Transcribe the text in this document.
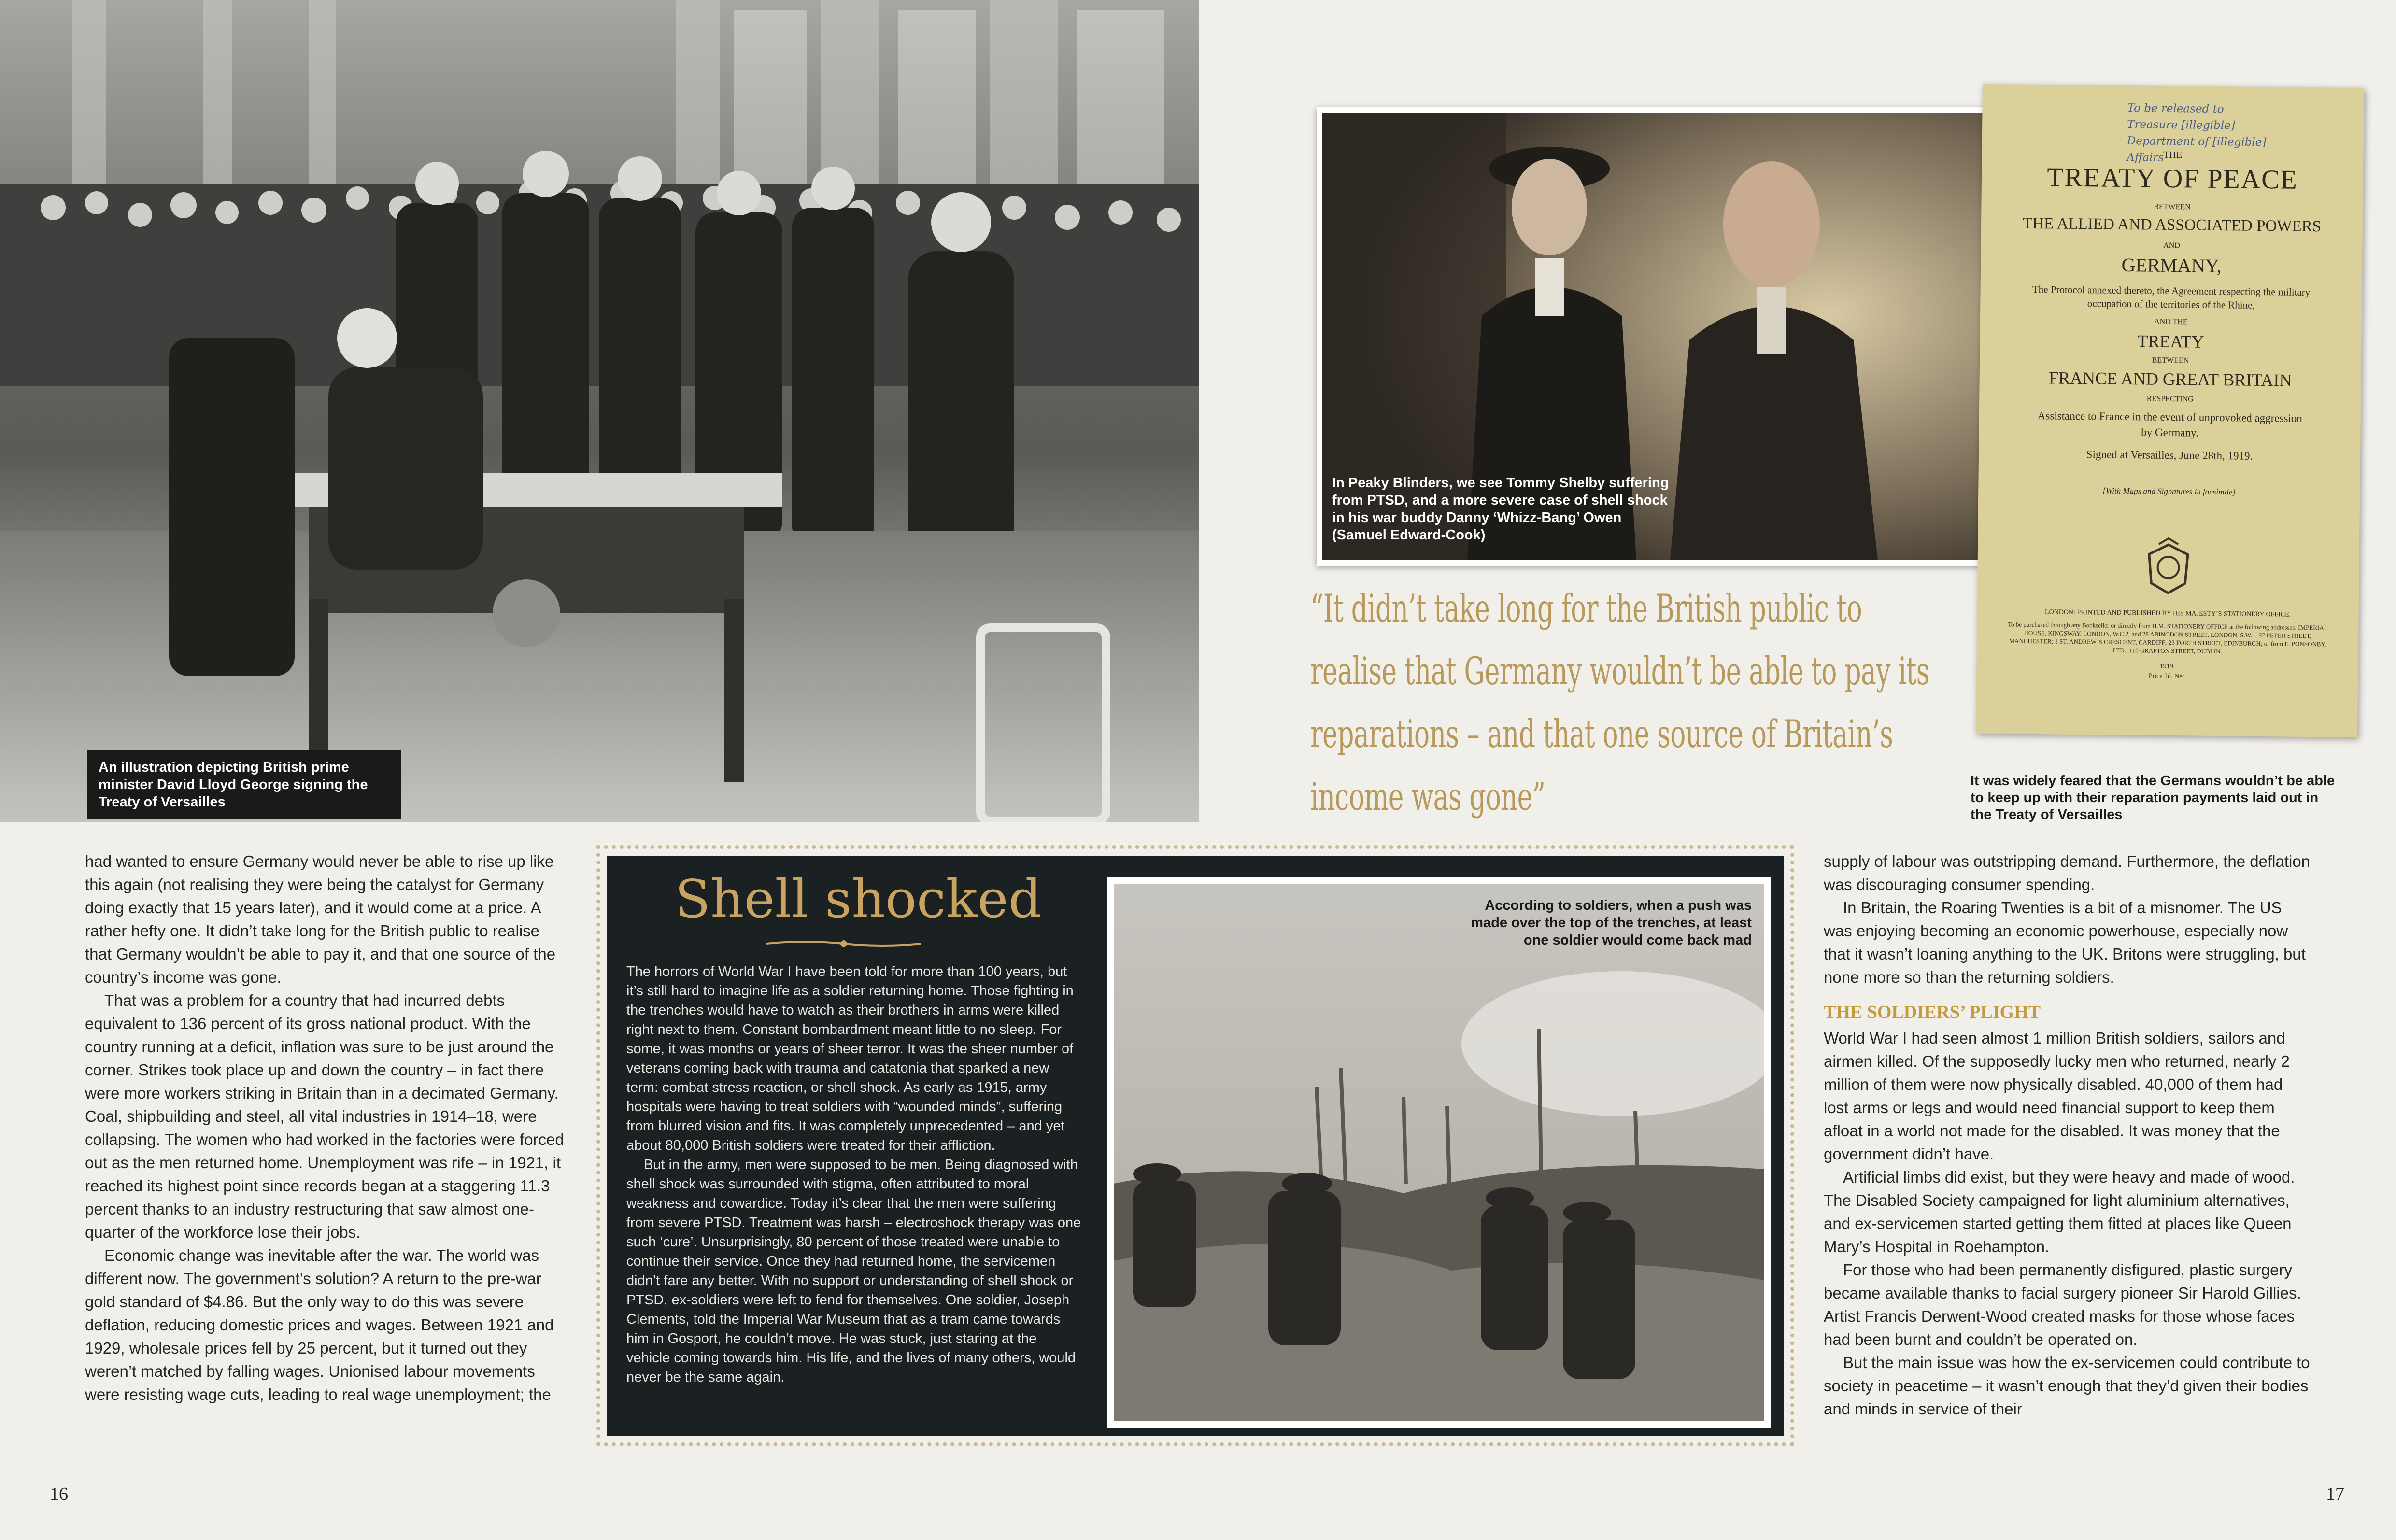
An illustration depicting British prime minister David Lloyd George signing the Treaty of Versailles
In Peaky Blinders, we see Tommy Shelby suffering from PTSD, and a more severe case of shell shock in his war buddy Danny ‘Whizz-Bang’ Owen (Samuel Edward-Cook)
To be released to
Treasure [illegible]
Department of [illegible]
Affairs
THE
TREATY OF PEACE
BETWEEN
THE ALLIED AND ASSOCIATED POWERS
AND
GERMANY,
The Protocol annexed thereto, the Agreement respecting the military occupation of the territories of the Rhine,
AND THE
TREATY
BETWEEN
FRANCE AND GREAT BRITAIN
RESPECTING
Assistance to France in the event of unprovoked aggression by Germany.
Signed at Versailles, June 28th, 1919.
[With Maps and Signatures in facsimile]
LONDON: PRINTED AND PUBLISHED BY HIS MAJESTY’S STATIONERY OFFICE.
To be purchased through any Bookseller or directly from H.M. STATIONERY OFFICE at the following addresses: IMPERIAL HOUSE, KINGSWAY, LONDON, W.C.2, and 28 ABINGDON STREET, LONDON, S.W.1; 37 PETER STREET, MANCHESTER; 1 ST. ANDREW’S CRESCENT, CARDIFF; 23 FORTH STREET, EDINBURGH; or from E. PONSONBY, LTD., 116 GRAFTON STREET, DUBLIN.
1919.
Price 2d. Net.
It was widely feared that the Germans wouldn’t be able to keep up with their reparation payments laid out in the Treaty of Versailles
“It didn’t take long for the British public to realise that Germany wouldn’t be able to pay its reparations – and that one source of Britain’s income was gone”

had wanted to ensure Germany would never be able to rise up like this again (not realising they were being the catalyst for Germany doing exactly that 15 years later), and it would come at a price. A rather hefty one. It didn’t take long for the British public to realise that Germany wouldn’t be able to pay it, and that one source of the country’s income was gone.

That was a problem for a country that had incurred debts equivalent to 136 percent of its gross national product. With the country running at a deficit, inflation was sure to be just around the corner. Strikes took place up and down the country – in fact there were more workers striking in Britain than in a decimated Germany. Coal, shipbuilding and steel, all vital industries in 1914–18, were collapsing. The women who had worked in the factories were forced out as the men returned home. Unemployment was rife – in 1921, it reached its highest point since records began at a staggering 11.3 percent thanks to an industry restructuring that saw almost one-quarter of the workforce lose their jobs.

Economic change was inevitable after the war. The world was different now. The government’s solution? A return to the pre-war gold standard of $4.86. But the only way to do this was severe deflation, reducing domestic prices and wages. Between 1921 and 1929, wholesale prices fell by 25 percent, but it turned out they weren’t matched by falling wages. Unionised labour movements were resisting wage cuts, leading to real wage unemployment; the

Shell shocked

The horrors of World War I have been told for more than 100 years, but it’s still hard to imagine life as a soldier returning home. Those fighting in the trenches would have to watch as their brothers in arms were killed right next to them. Constant bombardment meant little to no sleep. For some, it was months or years of sheer terror. It was the sheer number of veterans coming back with trauma and catatonia that sparked a new term: combat stress reaction, or shell shock. As early as 1915, army hospitals were having to treat soldiers with “wounded minds”, suffering from blurred vision and fits. It was completely unprecedented – and yet about 80,000 British soldiers were treated for their affliction.

But in the army, men were supposed to be men. Being diagnosed with shell shock was surrounded with stigma, often attributed to moral weakness and cowardice. Today it’s clear that the men were suffering from severe PTSD. Treatment was harsh – electroshock therapy was one such ‘cure’. Unsurprisingly, 80 percent of those treated were unable to continue their service. Once they had returned home, the servicemen didn’t fare any better. With no support or understanding of shell shock or PTSD, ex-soldiers were left to fend for themselves. One soldier, Joseph Clements, told the Imperial War Museum that as a tram came towards him in Gosport, he couldn’t move. He was stuck, just staring at the vehicle coming towards him. His life, and the lives of many others, would never be the same again.

According to soldiers, when a push was made over the top of the trenches, at least one soldier would come back mad

supply of labour was outstripping demand. Furthermore, the deflation was discouraging consumer spending.

In Britain, the Roaring Twenties is a bit of a misnomer. The US was enjoying becoming an economic powerhouse, especially now that it wasn’t loaning anything to the UK. Britons were struggling, but none more so than the returning soldiers.

THE SOLDIERS’ PLIGHT

World War I had seen almost 1 million British soldiers, sailors and airmen killed. Of the supposedly lucky men who returned, nearly 2 million of them were now physically disabled. 40,000 of them had lost arms or legs and would need financial support to keep them afloat in a world not made for the disabled. It was money that the government didn’t have.

Artificial limbs did exist, but they were heavy and made of wood. The Disabled Society campaigned for light aluminium alternatives, and ex-servicemen started getting them fitted at places like Queen Mary’s Hospital in Roehampton.

For those who had been permanently disfigured, plastic surgery became available thanks to facial surgery pioneer Sir Harold Gillies. Artist Francis Derwent-Wood created masks for those whose faces had been burnt and couldn’t be operated on.

But the main issue was how the ex-servicemen could contribute to society in peacetime – it wasn’t enough that they’d given their bodies and minds in service of their

16	17
